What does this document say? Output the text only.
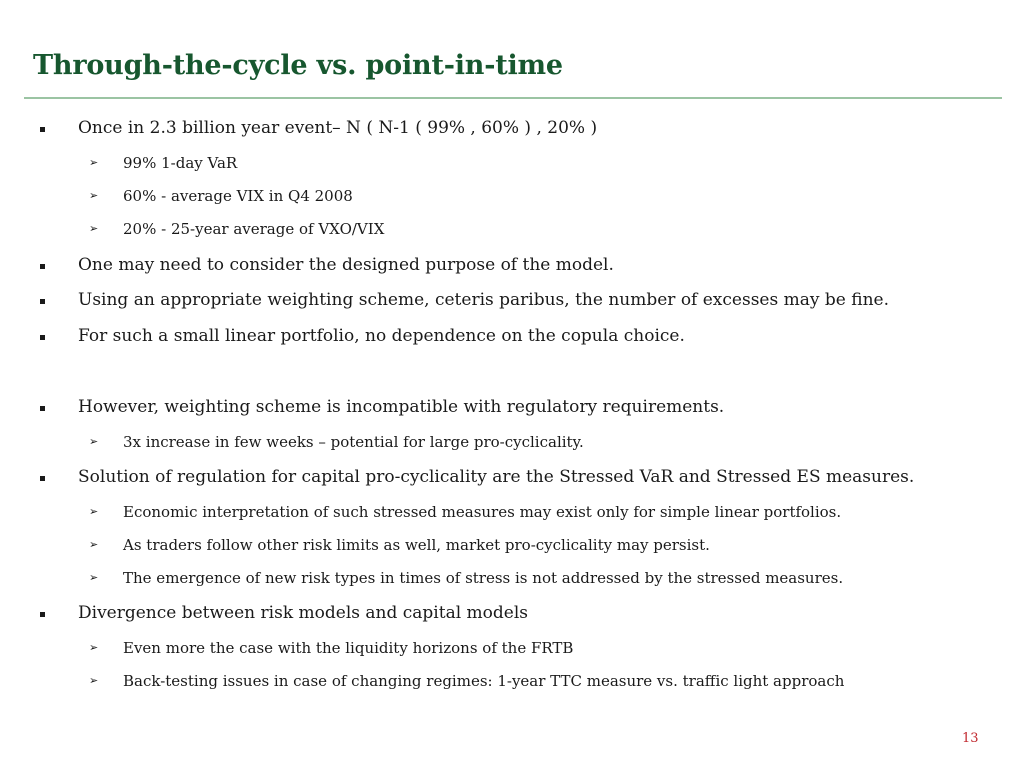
Through-the-cycle vs. point-in-time
Once in 2.3 billion year event– N ( N-1 ( 99% , 60% ) , 20% )
➢ 99% 1-day VaR
➢ 60% - average VIX in Q4 2008
➢ 20% - 25-year average of VXO/VIX
One may need to consider the designed purpose of the model.
Using an appropriate weighting scheme, ceteris paribus, the number of excesses may be fine.
For such a small linear portfolio, no dependence on the copula choice.
However, weighting scheme is incompatible with regulatory requirements.
➢ 3x increase in few weeks – potential for large pro-cyclicality.
Solution of regulation for capital pro-cyclicality are the Stressed VaR and Stressed ES measures.
➢ Economic interpretation of such stressed measures may exist only for simple linear portfolios.
➢ As traders follow other risk limits as well, market pro-cyclicality may persist.
➢ The emergence of new risk types in times of stress is not addressed by the stressed measures.
Divergence between risk models and capital models
➢ Even more the case with the liquidity horizons of the FRTB
➢ Back-testing issues in case of changing regimes: 1-year TTC measure vs. traffic light approach
13
